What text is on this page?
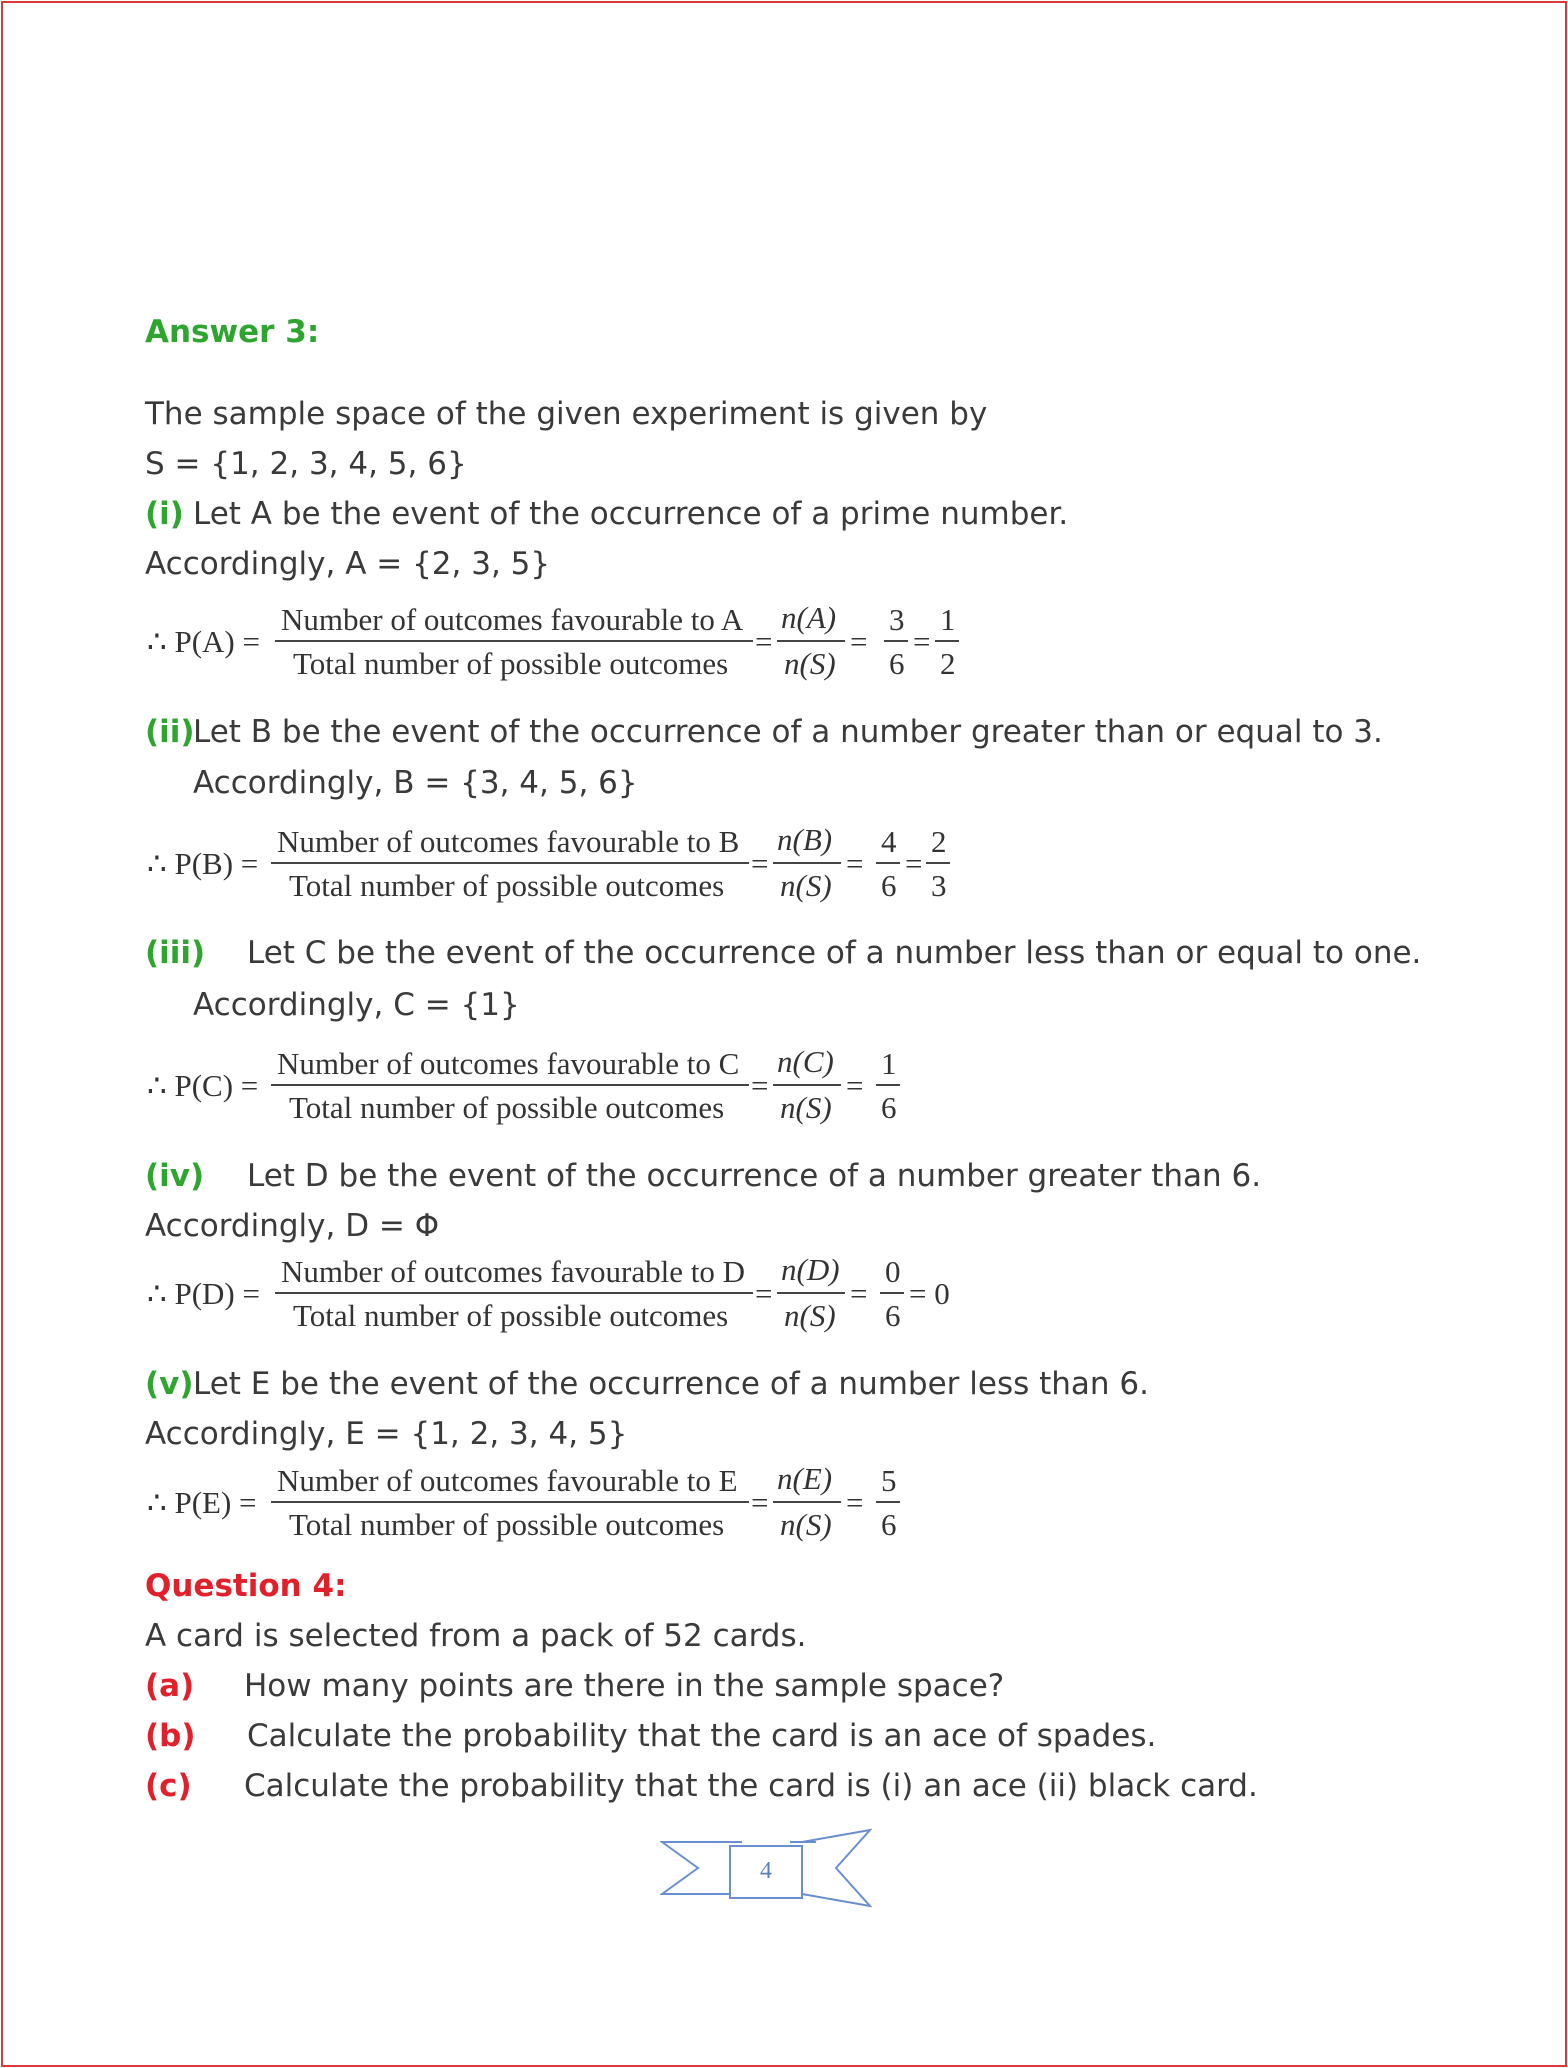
Answer 3:
The sample space of the given experiment is given by
S = {1, 2, 3, 4, 5, 6}
(i) Let A be the event of the occurrence of a prime number.
Accordingly, A = {2, 3, 5}
∴ P(A) =
Number of outcomes favourable to A
Total number of possible outcomes
=
n(A)
n(S)
=
3
6
=
1
2
(ii)
Let B be the event of the occurrence of a number greater than or equal to 3.
Accordingly, B = {3, 4, 5, 6}
∴ P(B) =
Number of outcomes favourable to B
Total number of possible outcomes
=
n(B)
n(S)
=
4
6
=
2
3
(iii) Let C be the event of the occurrence of a number less than or equal to one.
Accordingly, C = {1}
∴ P(C) =
Number of outcomes favourable to C
Total number of possible outcomes
=
n(C)
n(S)
=
1
6
(iv) Let D be the event of the occurrence of a number greater than 6.
Accordingly, D = Φ
∴ P(D) =
Number of outcomes favourable to D
Total number of possible outcomes
=
n(D)
n(S)
=
0
6
= 0
(v) Let E be the event of the occurrence of a number less than 6.
Accordingly, E = {1, 2, 3, 4, 5}
∴ P(E) =
Number of outcomes favourable to E
Total number of possible outcomes
=
n(E)
n(S)
=
5
6
Question 4:
A card is selected from a pack of 52 cards.
(a) How many points are there in the sample space?
(b) Calculate the probability that the card is an ace of spades.
(c) Calculate the probability that the card is (i) an ace (ii) black card.
4
